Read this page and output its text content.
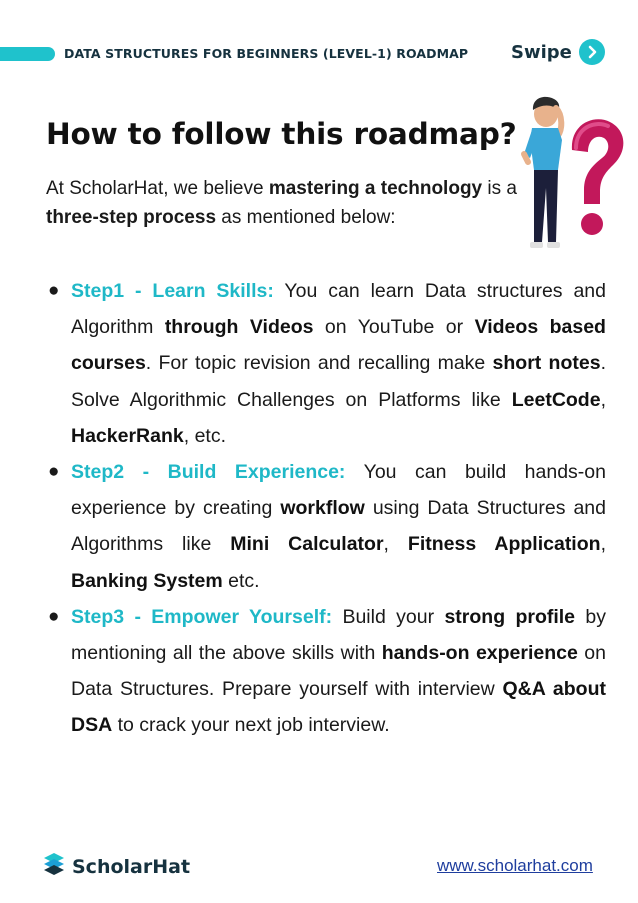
DATA STRUCTURES FOR BEGINNERS (LEVEL-1) ROADMAP Swipe
How to follow this roadmap?

At ScholarHat, we believe mastering a technology is a three-step process as mentioned below:

● Step1 - Learn Skills: You can learn Data structures and Algorithm through Videos on YouTube or Videos based courses. For topic revision and recalling make short notes. Solve Algorithmic Challenges on Platforms like LeetCode, HackerRank, etc.
● Step2 - Build Experience: You can build hands-on experience by creating workflow using Data Structures and Algorithms like Mini Calculator, Fitness Application, Banking System etc.
● Step3 - Empower Yourself: Build your strong profile by mentioning all the above skills with hands-on experience on Data Structures. Prepare yourself with interview Q&A about DSA to crack your next job interview.
ScholarHat	www.scholarhat.com
